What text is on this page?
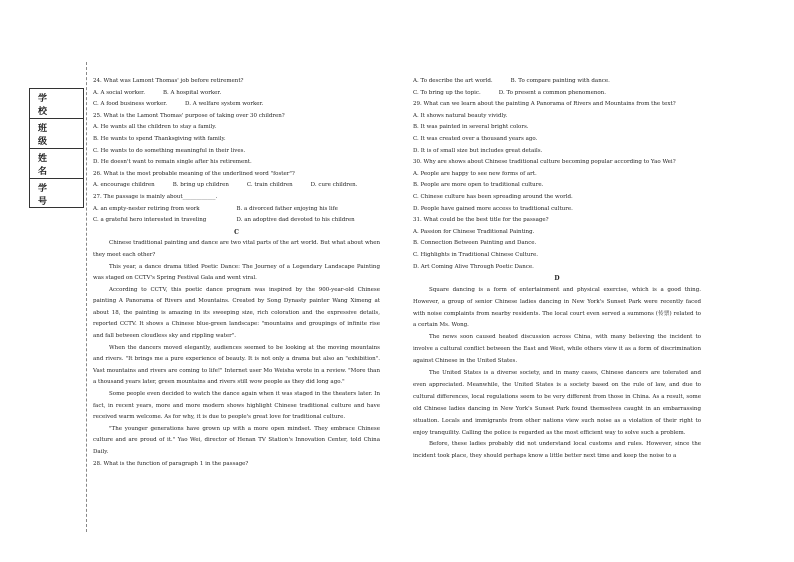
学 校
班 级
姓 名
学 号
24. What was Lamont Thomas' job before retirement?
A. A social worker.	B. A hospital worker.
C. A food business worker.	D. A welfare system worker.
25. What is the Lamont Thomas' purpose of taking over 30 children?
A. He wants all the children to stay a family.
B. He wants to spend Thanksgiving with family.
C. He wants to do something meaningful in their lives.
D. He doesn't want to remain single after his retirement.
26. What is the most probable meaning of the underlined word "foster"?
A. encourage children	B. bring up children	C. train children	D. cure children.
27. The passage is mainly about____________.
A. an empty-nester retiring from work	B. a divorced father enjoying his life
C. a grateful hero interested in traveling	D. an adoptive dad devoted to his children
C
Chinese traditional painting and dance are two vital parts of the art world. But what about when they meet each other?
This year, a dance drama titled Poetic Dance: The Journey of a Legendary Landscape Painting was staged on CCTV's Spring Festival Gala and went viral.
According to CCTV, this poetic dance program was inspired by the 900-year-old Chinese painting A Panorama of Rivers and Mountains. Created by Song Dynasty painter Wang Ximeng at about 18, the painting is amazing in its sweeping size, rich coloration and the expressive details, reported CCTV. It shows a Chinese blue-green landscape: "mountains and groupings of infinite rise and fall between cloudless sky and rippling water".
When the dancers moved elegantly, audiences seemed to be looking at the moving mountains and rivers. "It brings me a pure experience of beauty. It is not only a drama but also an "exhibition". Vast mountains and rivers are coming to life!" Internet user Mo Weisha wrote in a review. "More than a thousand years later, green mountains and rivers still wow people as they did long ago."
Some people even decided to watch the dance again when it was staged in the theaters later. In fact, in recent years, more and more modern shows highlight Chinese traditional culture and have received warm welcome. As for why, it is due to people's great love for traditional culture.
"The younger generations have grown up with a more open mindset. They embrace Chinese culture and are proud of it." Yao Wei, director of Henan TV Station's Innovation Center, told China Daily.
28. What is the function of paragraph 1 in the passage?
A. To describe the art world.	B. To compare painting with dance.
C. To bring up the topic.	D. To present a common phenomenon.
29. What can we learn about the painting A Panorama of Rivers and Mountains from the text?
A. It shows natural beauty vividly.
B. It was painted in several bright colors.
C. It was created over a thousand years ago.
D. It is of small size but includes great details.
30. Why are shows about Chinese traditional culture becoming popular according to Yao Wei?
A. People are happy to see new forms of art.
B. People are more open to traditional culture.
C. Chinese culture has been spreading around the world.
D. People have gained more access to traditional culture.
31. What could be the best title for the passage?
A. Passion for Chinese Traditional Painting.
B. Connection Between Painting and Dance.
C. Highlights in Traditional Chinese Culture.
D. Art Coming Alive Through Poetic Dance.
D
Square dancing is a form of entertainment and physical exercise, which is a good thing. However, a group of senior Chinese ladies dancing in New York's Sunset Park were recently faced with noise complaints from nearby residents. The local court even served a summons (传票) related to a certain Ms. Wong.
The news soon caused heated discussion across China, with many believing the incident to involve a cultural conflict between the East and West, while others view it as a form of discrimination against Chinese in the United States.
The United States is a diverse society, and in many cases, Chinese dancers are tolerated and even appreciated. Meanwhile, the United States is a society based on the rule of law, and due to cultural differences, local regulations seem to be very different from those in China. As a result, some old Chinese ladies dancing in New York's Sunset Park found themselves caught in an embarrassing situation. Locals and immigrants from other nations view such noise as a violation of their right to enjoy tranquility. Calling the police is regarded as the most efficient way to solve such a problem.
Before, these ladies probably did not understand local customs and rules. However, since the incident took place, they should perhaps know a little better next time and keep the noise to a
